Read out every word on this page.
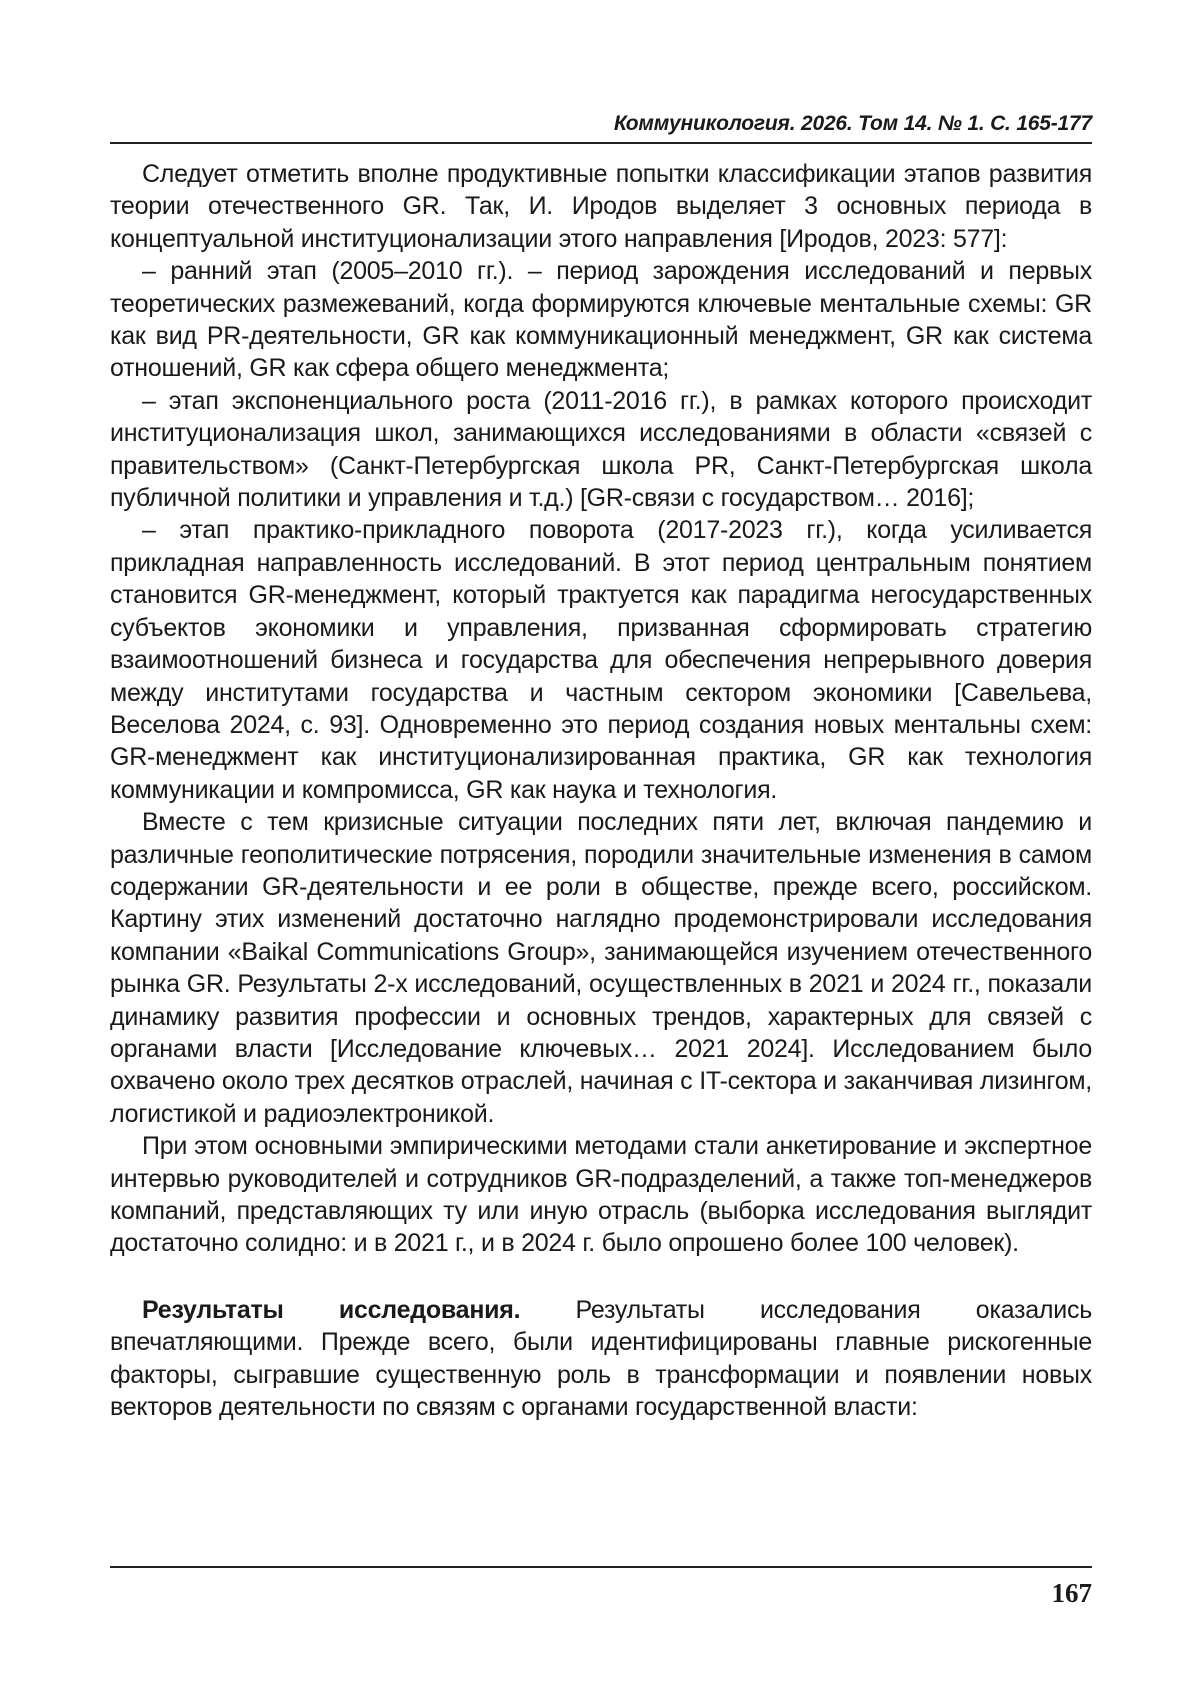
Коммуникология. 2026. Том 14. № 1. С. 165-177

Следует отметить вполне продуктивные попытки классификации этапов развития теории отечественного GR. Так, И. Иродов выделяет 3 основных периода в концептуальной институционализации этого направления [Иродов, 2023: 577]:

– ранний этап (2005–2010 гг.). – период зарождения исследований и первых теоретических размежеваний, когда формируются ключевые ментальные схемы: GR как вид PR-деятельности, GR как коммуникационный менеджмент, GR как система отношений, GR как сфера общего менеджмента;

– этап экспоненциального роста (2011-2016 гг.), в рамках которого происходит институционализация школ, занимающихся исследованиями в области «связей с правительством» (Санкт-Петербургская школа PR, Санкт-Петербургская школа публичной политики и управления и т.д.) [GR-связи с государством… 2016];

– этап практико-прикладного поворота (2017-2023 гг.), когда усиливается прикладная направленность исследований. В этот период центральным понятием становится GR-менеджмент, который трактуется как парадигма негосударственных субъектов экономики и управления, призванная сформировать стратегию взаимоотношений бизнеса и государства для обеспечения непрерывного доверия между институтами государства и частным сектором экономики [Савельева, Веселова 2024, с. 93]. Одновременно это период создания новых ментальны схем: GR-менеджмент как институционализированная практика, GR как технология коммуникации и компромисса, GR как наука и технология.

Вместе с тем кризисные ситуации последних пяти лет, включая пандемию и различные геополитические потрясения, породили значительные изменения в самом содержании GR-деятельности и ее роли в обществе, прежде всего, российском. Картину этих изменений достаточно наглядно продемонстрировали исследования компании «Baikal Communications Group», занимающейся изучением отечественного рынка GR. Результаты 2-х исследований, осуществленных в 2021 и 2024 гг., показали динамику развития профессии и основных трендов, характерных для связей с органами власти [Исследование ключевых… 2021 2024]. Исследованием было охвачено около трех десятков отраслей, начиная с IT-сектора и заканчивая лизингом, логистикой и радиоэлектроникой.

При этом основными эмпирическими методами стали анкетирование и экспертное интервью руководителей и сотрудников GR-подразделений, а также топ-менеджеров компаний, представляющих ту или иную отрасль (выборка исследования выглядит достаточно солидно: и в 2021 г., и в 2024 г. было опрошено более 100 человек).

Результаты исследования. Результаты исследования оказались впечатляющими. Прежде всего, были идентифицированы главные рискогенные факторы, сыгравшие существенную роль в трансформации и появлении новых векторов деятельности по связям с органами государственной власти:

167
